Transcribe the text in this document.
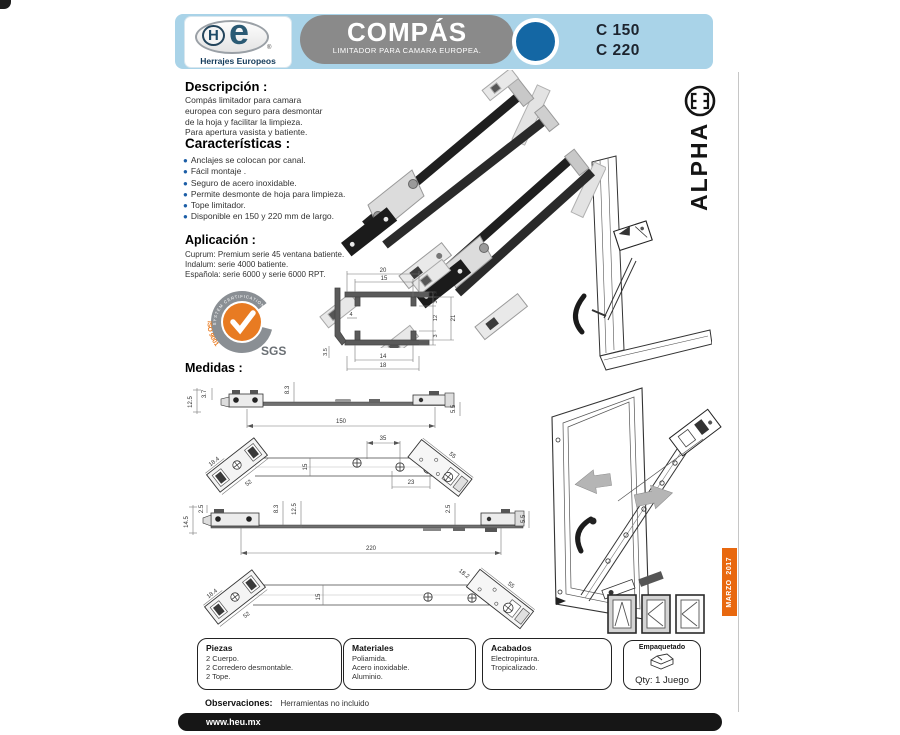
H e	®
Herrajes Europeos
COMPÁS
LIMITADOR PARA CAMARA EUROPEA.
C 150
C 220
Descripción :
Compás limitador para camara
europea con seguro para desmontar
de la hoja y facilitar la limpieza.
Para apertura vasista y batiente.
Características :
● Anclajes se colocan por canal.
● Fácil montaje .
● Seguro de acero inoxidable.
● Permite desmonte de hoja para limpieza.
● Tope limitador.
● Disponible en 150 y 220 mm de largo.
Aplicación :
Cuprum: Premium serie 45 ventana batiente.
Indalum: serie 4000 batiente.
Española: serie 6000 y serie 6000 RPT.
SYSTEM CERTIFICATION
ISO 9001	SGS
Medidas :
ALPHA
MARZO  2017
20
15
2.5
3
12
3
21
4
3.5
14
18
12.5
3.7	8.3
150
5.5
18.4
52
35
15
23
55
2.5
14.5
8.3 12.5	2.5
5.5
220
18.4
52
15
18.2
55
Piezas
2 Cuerpo.
2 Corredero desmontable.
2 Tope.
Materiales
Poliamida.
Acero inoxidable.
Aluminio.
Acabados
Electropintura.
Tropicalizado.
Empaquetado
Qty: 1 Juego
Observaciones: Herramientas no incluido
www.heu.mx
